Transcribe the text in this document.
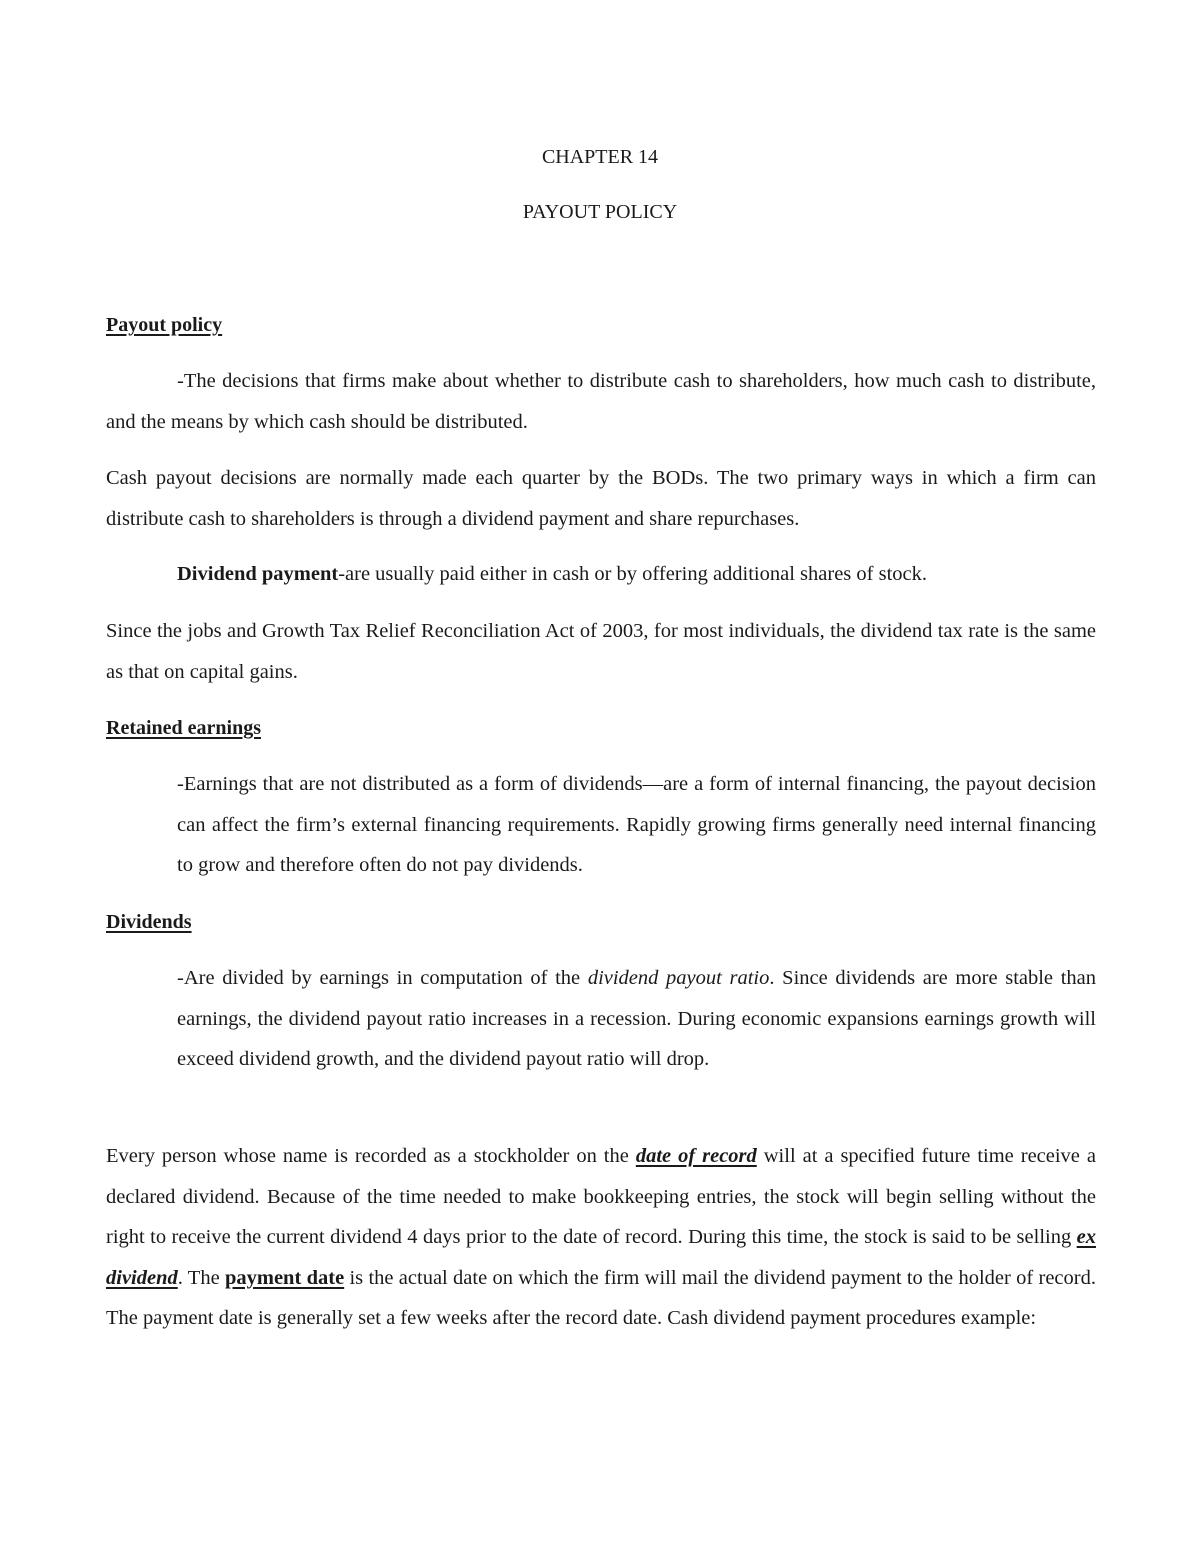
CHAPTER 14
PAYOUT POLICY
Payout policy

-The decisions that firms make about whether to distribute cash to shareholders, how much cash to distribute, and the means by which cash should be distributed.

Cash payout decisions are normally made each quarter by the BODs. The two primary ways in which a firm can distribute cash to shareholders is through a dividend payment and share repurchases.

Dividend payment-are usually paid either in cash or by offering additional shares of stock.

Since the jobs and Growth Tax Relief Reconciliation Act of 2003, for most individuals, the dividend tax rate is the same as that on capital gains.

Retained earnings

-Earnings that are not distributed as a form of dividends—are a form of internal financing, the payout decision can affect the firm’s external financing requirements. Rapidly growing firms generally need internal financing to grow and therefore often do not pay dividends.

Dividends

-Are divided by earnings in computation of the dividend payout ratio. Since dividends are more stable than earnings, the dividend payout ratio increases in a recession. During economic expansions earnings growth will exceed dividend growth, and the dividend payout ratio will drop.

Every person whose name is recorded as a stockholder on the date of record will at a specified future time receive a declared dividend. Because of the time needed to make bookkeeping entries, the stock will begin selling without the right to receive the current dividend 4 days prior to the date of record. During this time, the stock is said to be selling ex dividend. The payment date is the actual date on which the firm will mail the dividend payment to the holder of record. The payment date is generally set a few weeks after the record date. Cash dividend payment procedures example:
